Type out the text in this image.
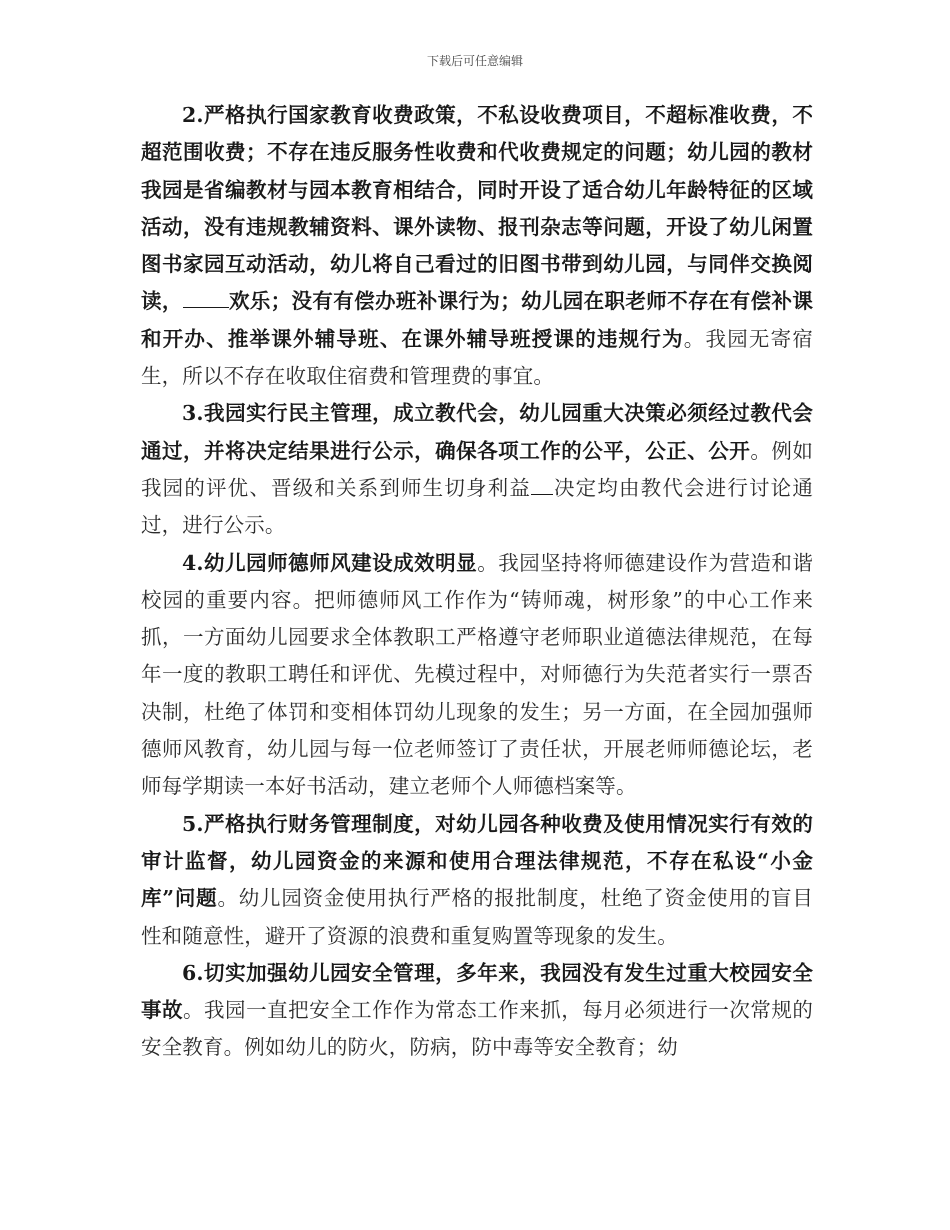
下载后可任意编辑

2.严格执行国家教育收费政策，不私设收费项目，不超标准收费，不超范围收费；不存在违反服务性收费和代收费规定的问题；幼儿园的教材我园是省编教材与园本教育相结合，同时开设了适合幼儿年龄特征的区域活动，没有违规教辅资料、课外读物、报刊杂志等问题，开设了幼儿闲置图书家园互动活动，幼儿将自己看过的旧图书带到幼儿园，与同伴交换阅读， 欢乐；没有有偿办班补课行为；幼儿园在职老师不存在有偿补课和开办、推举课外辅导班、在课外辅导班授课的违规行为。我园无寄宿生，所以不存在收取住宿费和管理费的事宜。

3.我园实行民主管理，成立教代会，幼儿园重大决策必须经过教代会通过，并将决定结果进行公示，确保各项工作的公平，公正、公开。例如我园的评优、晋级和关系到师生切身利益 决定均由教代会进行讨论通过，进行公示。

4.幼儿园师德师风建设成效明显。我园坚持将师德建设作为营造和谐校园的重要内容。把师德师风工作作为“铸师魂，树形象”的中心工作来抓，一方面幼儿园要求全体教职工严格遵守老师职业道德法律规范，在每年一度的教职工聘任和评优、先模过程中，对师德行为失范者实行一票否决制，杜绝了体罚和变相体罚幼儿现象的发生；另一方面，在全园加强师德师风教育，幼儿园与每一位老师签订了责任状，开展老师师德论坛，老师每学期读一本好书活动，建立老师个人师德档案等。

5.严格执行财务管理制度，对幼儿园各种收费及使用情况实行有效的审计监督，幼儿园资金的来源和使用合理法律规范，不存在私设“小金库”问题。幼儿园资金使用执行严格的报批制度，杜绝了资金使用的盲目性和随意性，避开了资源的浪费和重复购置等现象的发生。

6.切实加强幼儿园安全管理，多年来，我园没有发生过重大校园安全事故。我园一直把安全工作作为常态工作来抓，每月必须进行一次常规的安全教育。例如幼儿的防火，防病，防中毒等安全教育；幼
